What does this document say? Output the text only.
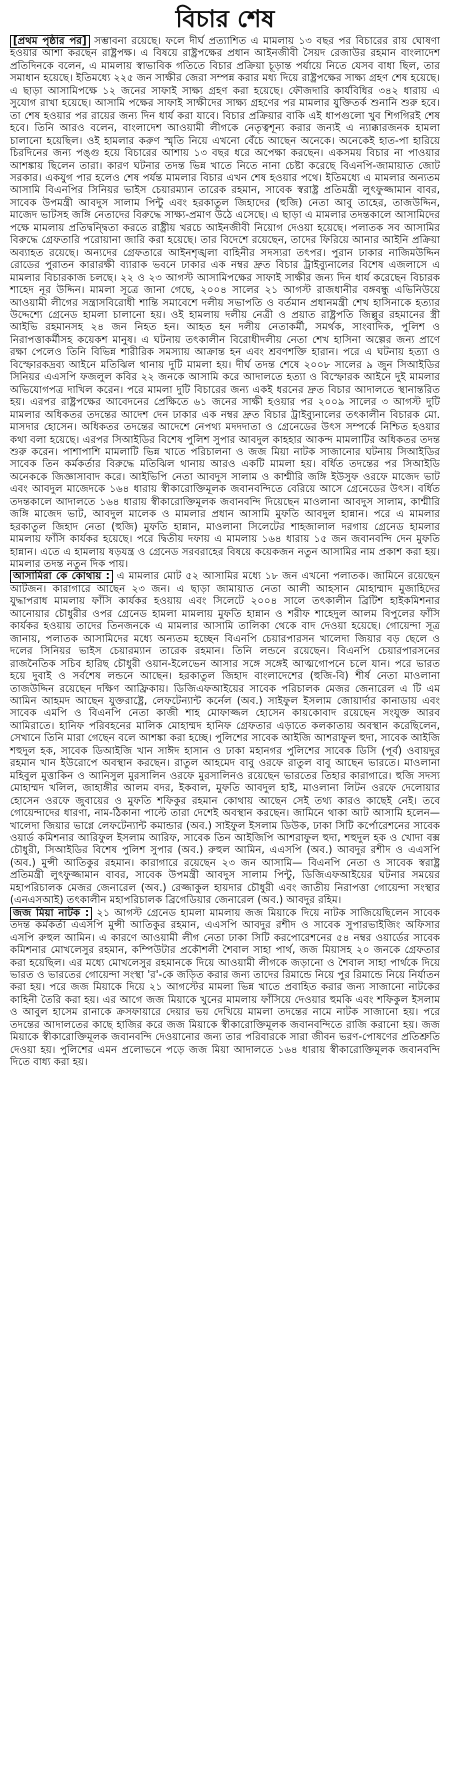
বিচার শেষ

[প্রথম পৃষ্ঠার পর] সম্ভাবনা রয়েছে। ফলে দীর্ঘ প্রত্যাশিত এ মামলায় ১৩ বছর পর বিচারের রায় ঘোষণা হওয়ার আশা করছেন রাষ্ট্রপক্ষ। এ বিষয়ে রাষ্ট্রপক্ষের প্রধান আইনজীবী সৈয়দ রেজাউর রহমান বাংলাদেশ প্রতিদিনকে বলেন, এ মামলায় স্বাভাবিক গতিতে বিচার প্রক্রিয়া চূড়ান্ত পর্যায়ে নিতে যেসব বাধা ছিল, তার সমাধান হয়েছে। ইতিমধ্যে ২২৫ জন সাক্ষীর জেরা সম্পন্ন করার মধ্য দিয়ে রাষ্ট্রপক্ষের সাক্ষ্য গ্রহণ শেষ হয়েছে। এ ছাড়া আসামিপক্ষে ১২ জনের সাফাই সাক্ষ্য গ্রহণ করা হয়েছে। ফৌজদারি কার্যবিধির ৩৪২ ধারায় এ সুযোগ রাখা হয়েছে। আসামি পক্ষের সাফাই সাক্ষীদের সাক্ষ্য গ্রহণের পর মামলার যুক্তিতর্ক শুনানি শুরু হবে। তা শেষ হওয়ার পর রায়ের জন্য দিন ধার্য করা যাবে। বিচার প্রক্রিয়ার বাকি এই ধাপগুলো খুব শিগগিরই শেষ হবে। তিনি আরও বলেন, বাংলাদেশ আওয়ামী লীগকে নেতৃত্বশূন্য করার জন্যই এ ন্যাক্কারজনক হামলা চালানো হয়েছিল। ওই হামলার করুণ স্মৃতি নিয়ে এখনো বেঁচে আছেন অনেকে। অনেকেই হাত-পা হারিয়ে চিরদিনের জন্য পঙ্গু হয়ে বিচারের আশায় ১৩ বছর ধরে অপেক্ষা করছেন। একসময় বিচার না পাওয়ার আশঙ্কায় ছিলেন তারা। কারণ ঘটনার তদন্ত ভিন্ন খাতে নিতে নানা চেষ্টা করেছে বিএনপি-জামায়াত জোট সরকার। একযুগ পার হলেও শেষ পর্যন্ত মামলার বিচার এখন শেষ হওয়ার পথে। ইতিমধ্যে এ মামলার অন্যতম আসামি বিএনপির সিনিয়র ভাইস চেয়ারম্যান তারেক রহমান, সাবেক স্বরাষ্ট্র প্রতিমন্ত্রী লুৎফুজ্জামান বাবর, সাবেক উপমন্ত্রী আবদুস সালাম পিন্টু এবং হরকাতুল জিহাদের (হুজি) নেতা আবু তাহের, তাজউদ্দিন, মাজেদ ভাটসহ জঙ্গি নেতাদের বিরুদ্ধে সাক্ষ্য-প্রমাণ উঠে এসেছে। এ ছাড়া এ মামলার তদন্তকালে আসামিদের পক্ষে মামলায় প্রতিদ্বন্দ্বিতা করতে রাষ্ট্রীয় খরচে আইনজীবী নিয়োগ দেওয়া হয়েছে। পলাতক সব আসামির বিরুদ্ধে গ্রেফতারি পরোয়ানা জারি করা হয়েছে। তার বিদেশে রয়েছেন, তাদের ফিরিয়ে আনার আইনি প্রক্রিয়া অব্যাহত রয়েছে। অন্যদের গ্রেফতারে আইনশৃঙ্খলা বাহিনীর সদস্যরা তৎপর। পুরান ঢাকার নাজিমউদ্দিন রোডের পুরাতন কারারক্ষী ব্যারাক ভবনে ঢাকার এক নম্বর দ্রুত বিচার ট্রাইব্যুনালের বিশেষ এজলাসে এ মামলার বিচারকাজ চলছে। ২২ ও ২৩ আগস্ট আসামিপক্ষের সাফাই সাক্ষীর জন্য দিন ধার্য করেছেন বিচারক শাহেদ নূর উদ্দিন। মামলা সূত্রে জানা গেছে, ২০০৪ সালের ২১ আগস্ট রাজধানীর বঙ্গবন্ধু এভিনিউয়ে আওয়ামী লীগের সন্ত্রাসবিরোধী শান্তি সমাবেশে দলীয় সভাপতি ও বর্তমান প্রধানমন্ত্রী শেখ হাসিনাকে হত্যার উদ্দেশ্যে গ্রেনেড হামলা চালানো হয়। ওই হামলায় দলীয় নেত্রী ও প্রয়াত রাষ্ট্রপতি জিল্লুর রহমানের স্ত্রী আইভি রহমানসহ ২৪ জন নিহত হন। আহত হন দলীয় নেতাকর্মী, সমর্থক, সাংবাদিক, পুলিশ ও নিরাপত্তাকর্মীসহ কয়েকশ মানুষ। এ ঘটনায় তৎকালীন বিরোধীদলীয় নেতা শেখ হাসিনা অল্পের জন্য প্রাণে রক্ষা পেলেও তিনি বিভিন্ন শারীরিক সমস্যায় আক্রান্ত হন এবং শ্রবণশক্তি হারান। পরে এ ঘটনায় হত্যা ও বিস্ফোরকদ্রব্য আইনে মতিঝিল থানায় দুটি মামলা হয়। দীর্ঘ তদন্ত শেষে ২০০৮ সালের ৯ জুন সিআইডির সিনিয়র এএসপি ফজলুল কবির ২২ জনকে আসামি করে আদালতে হত্যা ও বিস্ফোরক আইনে দুই মামলার অভিযোগপত্র দাখিল করেন। পরে মামলা দুটি বিচারের জন্য একই ধরনের দ্রুত বিচার আদালতে স্থানান্তরিত হয়। এরপর রাষ্ট্রপক্ষের আবেদনের প্রেক্ষিতে ৬১ জনের সাক্ষী হওয়ার পর ২০০৯ সালের ৩ আগস্ট দুটি মামলার অধিকতর তদন্তের আদেশ দেন ঢাকার এক নম্বর দ্রুত বিচার ট্রাইব্যুনালের তৎকালীন বিচারক মো. মাসদার হোসেন। অধিকতর তদন্তের আদেশে নেপথ্য মদদদাতা ও গ্রেনেডের উৎস সম্পর্কে নিশ্চিত হওয়ার কথা বলা হয়েছে। এরপর সিআইডির বিশেষ পুলিশ সুপার আবদুল কাহহার আকন্দ মামলাটির অধিকতর তদন্ত শুরু করেন। পাশাপাশি মামলাটি ভিন্ন খাতে পরিচালনা ও জজ মিয়া নাটক সাজানোর ঘটনায় সিআইডির সাবেক তিন কর্মকর্তার বিরুদ্ধে মতিঝিল থানায় আরও একটি মামলা হয়। বর্ধিত তদন্তের পর সিআইডি অনেককে জিজ্ঞাসাবাদ করে। আইভিপি নেতা আবদুস সালাম ও কাশ্মীরি জঙ্গি ইউসুফ ওরফে মাজেদ ভাট এবং আবদুল মাজেদকে ১৬৪ ধারায় স্বীকারোক্তিমূলক জবানবন্দিতে বেরিয়ে আসে গ্রেনেডের উৎস। বর্ধিত তদন্তকালে আদালতে ১৬৪ ধারায় স্বীকারোক্তিমূলক জবানবন্দি দিয়েছেন মাওলানা আবদুস সালাম, কাশ্মীরি জঙ্গি মাজেদ ভাট, আবদুল মালেক ও মামলার প্রধান আসামি মুফতি আবদুল হান্নান। পরে এ মামলার হরকাতুল জিহাদ নেতা (হুজি) মুফতি হান্নান, মাওলানা সিলেটের শাহজালাল দরগায় গ্রেনেড হামলার মামলায় ফাঁসি কার্যকর হয়েছে। পরে দ্বিতীয় দফায় এ মামলায় ১৬৪ ধারায় ১৫ জন জবানবন্দি দেন মুফতি হান্নান। এতে এ হামলায় ষড়যন্ত্র ও গ্রেনেড সরবরাহের বিষয়ে কয়েকজন নতুন আসামির নাম প্রকাশ করা হয়। মামলার তদন্ত নতুন দিক পায়।

আসামিরা কে কোথায় : এ মামলার মোট ৫২ আসামির মধ্যে ১৮ জন এখনো পলাতক। জামিনে রয়েছেন আটজন। কারাগারে আছেন ২৩ জন। এ ছাড়া জামায়াত নেতা আলী আহসান মোহাম্মাদ মুজাহিদের যুদ্ধাপরাধ মামলায় ফাঁসি কার্যকর হওয়ায় এবং সিলেটে ২০০৪ সালে তৎকালীন ব্রিটিশ হাইকমিশনার আনোয়ার চৌধুরীর ওপর গ্রেনেড হামলা মামলায় মুফতি হান্নান ও শরীফ শাহেদুল আলম বিপুলের ফাঁসি কার্যকর হওয়ায় তাদের তিনজনকে এ মামলার আসামি তালিকা থেকে বাদ দেওয়া হয়েছে। গোয়েন্দা সূত্র জানায়, পলাতক আসামিদের মধ্যে অন্যতম হচ্ছেন বিএনপি চেয়ারপারসন খালেদা জিয়ার বড় ছেলে ও দলের সিনিয়র ভাইস চেয়ারম্যান তারেক রহমান। তিনি লন্ডনে রয়েছেন। বিএনপি চেয়ারপারসনের রাজনৈতিক সচিব হারিছ চৌধুরী ওয়ান-ইলেভেন আসার সঙ্গে সঙ্গেই আত্মগোপনে চলে যান। পরে ভারত হয়ে দুবাই ও সর্বশেষ লন্ডনে আছেন। হরকাতুল জিহাদ বাংলাদেশের (হুজি-বি) শীর্ষ নেতা মাওলানা তাজউদ্দিন রয়েছেন দক্ষিণ আফ্রিকায়। ডিজিএফআইয়ের সাবেক পরিচালক মেজর জেনারেল এ টি এম আমিন আহমদ আছেন যুক্তরাষ্ট্রে, লেফটেন্যান্ট কর্নেল (অব.) সাইফুল ইসলাম জোয়ার্দার কানাডায় এবং সাবেক এমপি ও বিএনপি নেতা কাজী শাহ মোফাজ্জল হোসেন কায়কোবাদ রয়েছেন সংযুক্ত আরব আমিরাতে। হানিফ পরিবহনের মালিক মোহাম্মদ হানিফ গ্রেফতার এড়াতে কলকাতায় অবস্থান করেছিলেন, সেখানে তিনি মারা গেছেন বলে আশঙ্কা করা হচ্ছে। পুলিশের সাবেক আইজি আশরাফুল হুদা, সাবেক আইজি শহুদুল হক, সাবেক ডিআইজি খান সাঈদ হাসান ও ঢাকা মহানগর পুলিশের সাবেক ডিসি (পূর্ব) ওবায়দুর রহমান খান ইউরোপে অবস্থান করছেন। রাতুল আহমেদ বাবু ওরফে রাতুল বাবু আছেন ভারতে। মাওলানা মহিবুল মুত্তাকিন ও আনিসুল মুরসালিন ওরফে মুরসালিনও রয়েছেন ভারতের তিহার কারাগারে। হুজি সদস্য মোহাম্মদ খলিল, জাহাঙ্গীর আলম বদর, ইকবাল, মুফতি আবদুল হাই, মাওলানা লিটন ওরফে দেলোয়ার হোসেন ওরফে জুবায়ের ও মুফতি শফিকুর রহমান কোথায় আছেন সেই তথ্য কারও কাছেই নেই। তবে গোয়েন্দাদের ধারণা, নাম-ঠিকানা পাল্টে তারা দেশেই অবস্থান করছেন। জামিনে থাকা আট আসামি হলেন—খালেদা জিয়ার ভাগ্নে লেফটেন্যান্ট কমান্ডার (অব.) সাইফুল ইসলাম ডিউক, ঢাকা সিটি কর্পোরেশনের সাবেক ওয়ার্ড কমিশনার আরিফুল ইসলাম আরিফ, সাবেক তিন আইজিপি আশরাফুল হুদা, শহুদুল হক ও খোদা বক্স চৌধুরী, সিআইডির বিশেষ পুলিশ সুপার (অব.) রুহুল আমিন, এএসপি (অব.) আবদুর রশীদ ও এএসপি (অব.) মুন্সী আতিকুর রহমান। কারাগারে রয়েছেন ২৩ জন আসামি— বিএনপি নেতা ও সাবেক স্বরাষ্ট্র প্রতিমন্ত্রী লুৎফুজ্জামান বাবর, সাবেক উপমন্ত্রী আবদুস সালাম পিন্টু, ডিজিএফআইয়ের ঘটনার সময়ের মহাপরিচালক মেজর জেনারেল (অব.) রেজ্জাকুল হায়দার চৌধুরী এবং জাতীয় নিরাপত্তা গোয়েন্দা সংস্থার (এনএসআই) তৎকালীন মহাপরিচালক ব্রিগেডিয়ার জেনারেল (অব.) আবদুর রহিম।

জজ মিয়া নাটক : ২১ আগস্ট গ্রেনেড হামলা মামলায় জজ মিয়াকে দিয়ে নাটক সাজিয়েছিলেন সাবেক তদন্ত কর্মকর্তা এএসপি মুন্সী আতিকুর রহমান, এএসপি আবদুর রশীদ ও সাবেক সুপারভাইজিং অফিসার এসপি রুহুল আমিন। এ কারণে আওয়ামী লীগ নেতা ঢাকা সিটি করপোরেশনের ৫৪ নম্বর ওয়ার্ডের সাবেক কমিশনার মোখলেসুর রহমান, কম্পিউটার প্রকৌশলী শৈবাল সাহা পার্থ, জজ মিয়াসহ ২০ জনকে গ্রেফতার করা হয়েছিল। এর মধ্যে মোখলেসুর রহমানকে দিয়ে আওয়ামী লীগকে জড়ানো ও শৈবাল সাহা পার্থকে দিয়ে ভারত ও ভারতের গোয়েন্দা সংস্থা 'র'-কে জড়িত করার জন্য তাদের রিমান্ডে নিয়ে পুর রিমান্ডে নিয়ে নির্যাতন করা হয়। পরে জজ মিয়াকে দিয়ে ২১ আগস্টের মামলা ভিন্ন খাতে প্রবাহিত করার জন্য সাজানো নাটকের কাহিনী তৈরি করা হয়। এর আগে জজ মিয়াকে খুনের মামলায় ফাঁসিয়ে দেওয়ার হুমকি এবং শফিকুল ইসলাম ও আবুল হাসেম রানাকে ক্রসফায়ারে দেয়ার ভয় দেখিয়ে মামলা তদন্তের নামে নাটক সাজানো হয়। পরে তদন্তের আদালতের কাছে হাজির করে জজ মিয়াকে স্বীকারোক্তিমূলক জবানবন্দিতে রাজি করানো হয়। জজ মিয়াকে স্বীকারোক্তিমূলক জবানবন্দি দেওয়ানোর জন্য তার পরিবারকে সারা জীবন ভরণ-পোষণের প্রতিশ্রুতি দেওয়া হয়। পুলিশের এমন প্রলোভনে পড়ে জজ মিয়া আদালতে ১৬৪ ধারায় স্বীকারোক্তিমূলক জবানবন্দি দিতে বাধ্য করা হয়।
